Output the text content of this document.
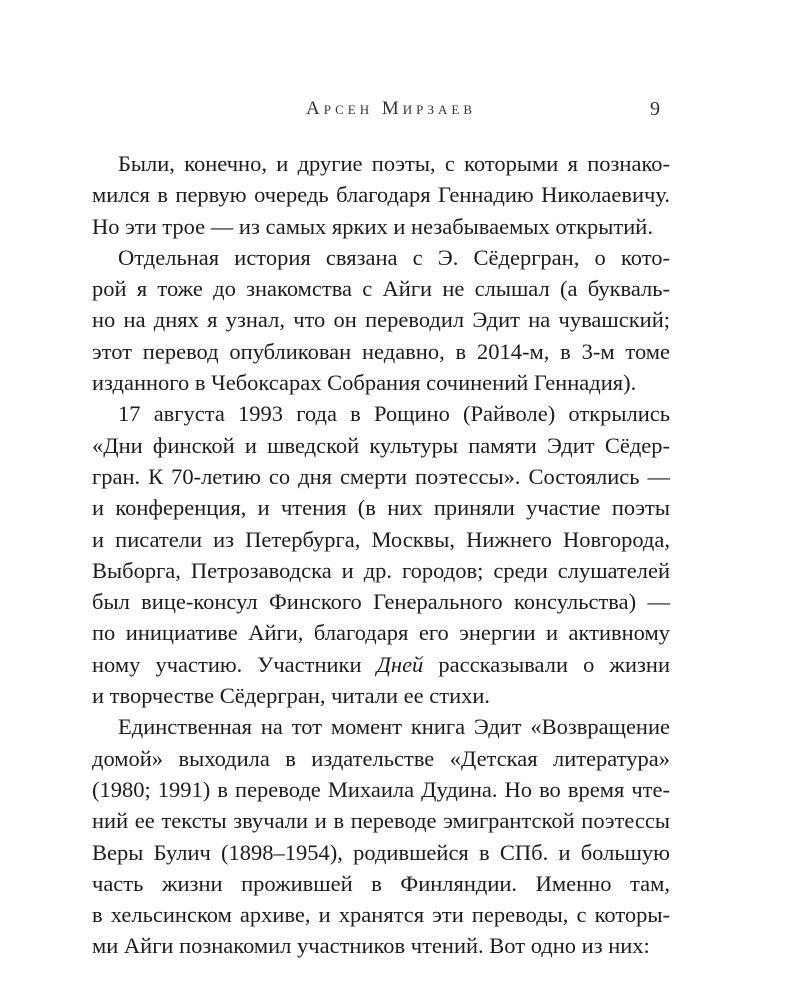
Арсен Мирзаев	9
Были, конечно, и другие поэты, с которыми я познако-
мился в первую очередь благодаря Геннадию Николаевичу.
Но эти трое — из самых ярких и незабываемых открытий.
Отдельная история связана с Э. Сёдергран, о кото-
рой я тоже до знакомства с Айги не слышал (а букваль-
но на днях я узнал, что он переводил Эдит на чувашский;
этот перевод опубликован недавно, в 2014-м, в 3-м томе
изданного в Чебоксарах Собрания сочинений Геннадия).
17 августа 1993 года в Рощино (Райволе) открылись
«Дни финской и шведской культуры памяти Эдит Сёдер-
гран. К 70-летию со дня смерти поэтессы». Состоялись —
и конференция, и чтения (в них приняли участие поэты
и писатели из Петербурга, Москвы, Нижнего Новгорода,
Выборга, Петрозаводска и др. городов; среди слушателей
был вице-консул Финского Генерального консульства) —
по инициативе Айги, благодаря его энергии и активному
ному участию. Участники Дней рассказывали о жизни
и творчестве Сёдергран, читали ее стихи.
Единственная на тот момент книга Эдит «Возвращение
домой» выходила в издательстве «Детская литература»
(1980; 1991) в переводе Михаила Дудина. Но во время чте-
ний ее тексты звучали и в переводе эмигрантской поэтессы
Веры Булич (1898–1954), родившейся в СПб. и большую
часть жизни прожившей в Финляндии. Именно там,
в хельсинском архиве, и хранятся эти переводы, с которы-
ми Айги познакомил участников чтений. Вот одно из них:
